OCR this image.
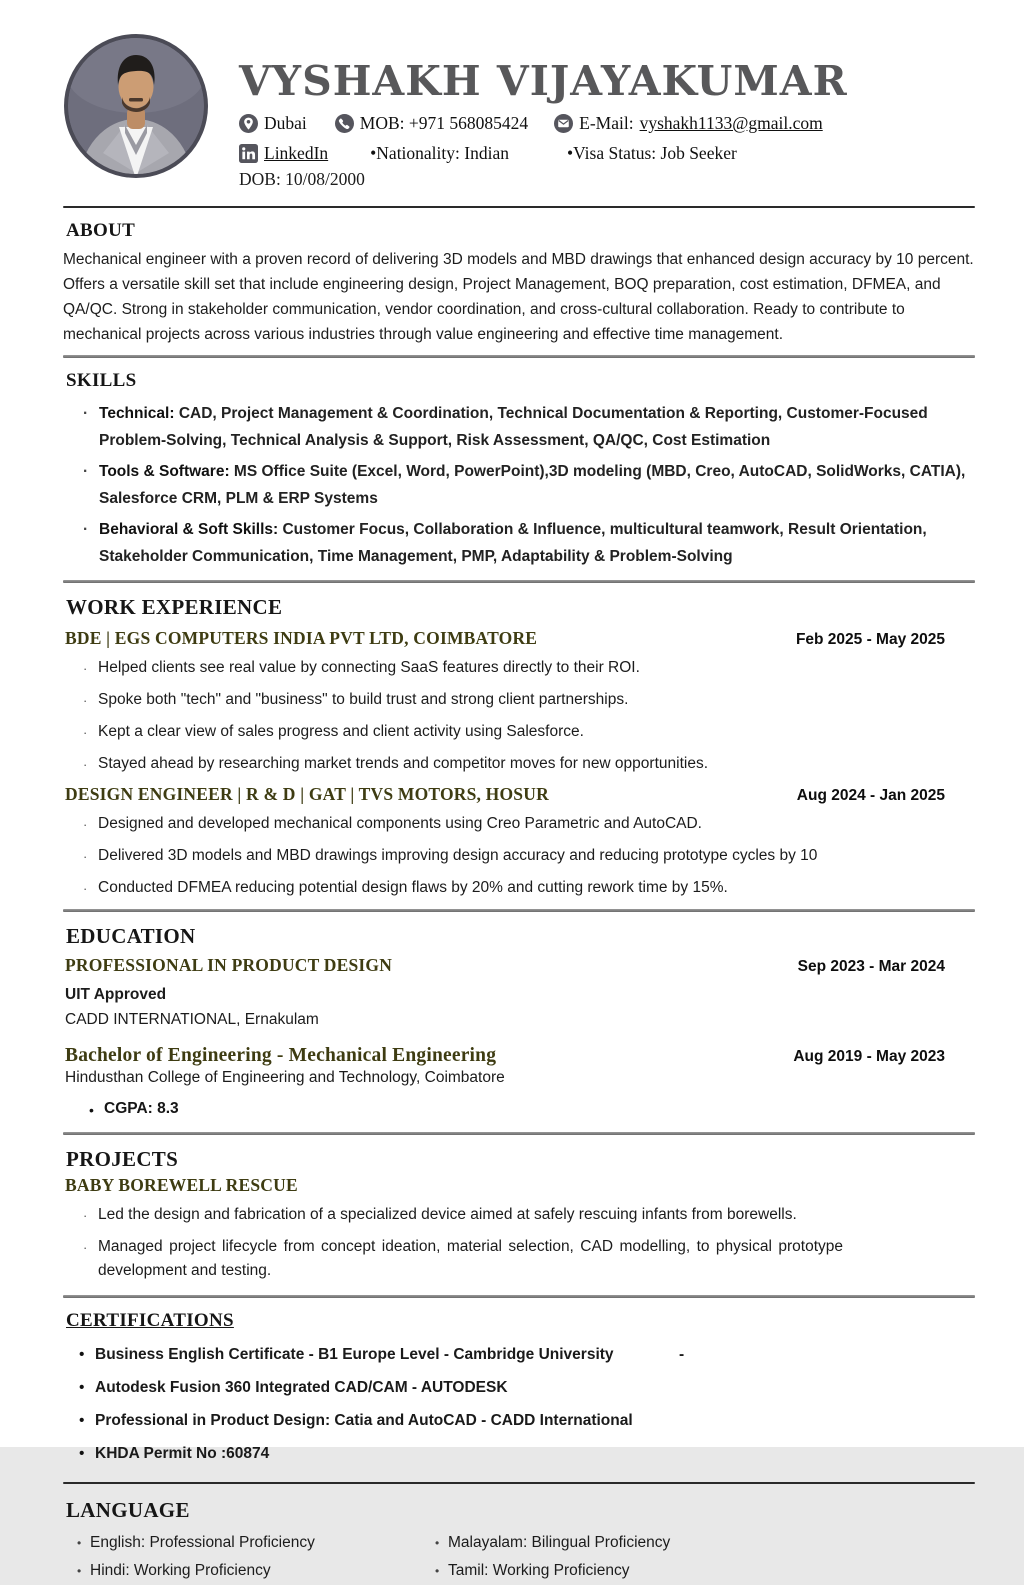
VYSHAKH VIJAYAKUMAR
Dubai	MOB: +971 568085424	E-Mail: vyshakh1133@gmail.com
LinkedIn •Nationality: Indian	•Visa Status: Job Seeker
DOB: 10/08/2000
ABOUT
Mechanical engineer with a proven record of delivering 3D models and MBD drawings that enhanced design accuracy by 10 percent. Offers a versatile skill set that include engineering design, Project Management, BOQ preparation, cost estimation, DFMEA, and QA/QC. Strong in stakeholder communication, vendor coordination, and cross-cultural collaboration. Ready to contribute to mechanical projects across various industries through value engineering and effective time management.
SKILLS
· Technical: CAD, Project Management & Coordination, Technical Documentation & Reporting, Customer-Focused Problem-Solving, Technical Analysis & Support, Risk Assessment, QA/QC, Cost Estimation
· Tools & Software: MS Office Suite (Excel, Word, PowerPoint),3D modeling (MBD, Creo, AutoCAD, SolidWorks, CATIA), Salesforce CRM, PLM & ERP Systems
· Behavioral & Soft Skills: Customer Focus, Collaboration & Influence, multicultural teamwork, Result Orientation, Stakeholder Communication, Time Management, PMP, Adaptability & Problem-Solving
WORK EXPERIENCE
BDE | EGS COMPUTERS INDIA PVT LTD, COIMBATORE	Feb 2025 - May 2025
· Helped clients see real value by connecting SaaS features directly to their ROI.
· Spoke both "tech" and "business" to build trust and strong client partnerships.
· Kept a clear view of sales progress and client activity using Salesforce.
· Stayed ahead by researching market trends and competitor moves for new opportunities.
DESIGN ENGINEER | R & D | GAT | TVS MOTORS, HOSUR	Aug 2024 - Jan 2025
· Designed and developed mechanical components using Creo Parametric and AutoCAD.
· Delivered 3D models and MBD drawings improving design accuracy and reducing prototype cycles by 10
· Conducted DFMEA reducing potential design flaws by 20% and cutting rework time by 15%.
EDUCATION
PROFESSIONAL IN PRODUCT DESIGN	Sep 2023 - Mar 2024
UIT Approved
CADD INTERNATIONAL, Ernakulam
Bachelor of Engineering - Mechanical Engineering	Aug 2019 - May 2023
Hindusthan College of Engineering and Technology, Coimbatore
• CGPA: 8.3
PROJECTS
BABY BOREWELL RESCUE
· Led the design and fabrication of a specialized device aimed at safely rescuing infants from borewells.
· Managed project lifecycle from concept ideation, material selection, CAD modelling, to physical prototype development and testing.
CERTIFICATIONS
• Business English Certificate - B1 Europe Level - Cambridge University	-
• Autodesk Fusion 360 Integrated CAD/CAM - AUTODESK
• Professional in Product Design: Catia and AutoCAD - CADD International
• KHDA Permit No :60874
LANGUAGE
• English: Professional Proficiency
• Hindi: Working Proficiency
• Malayalam: Bilingual Proficiency
• Tamil: Working Proficiency
